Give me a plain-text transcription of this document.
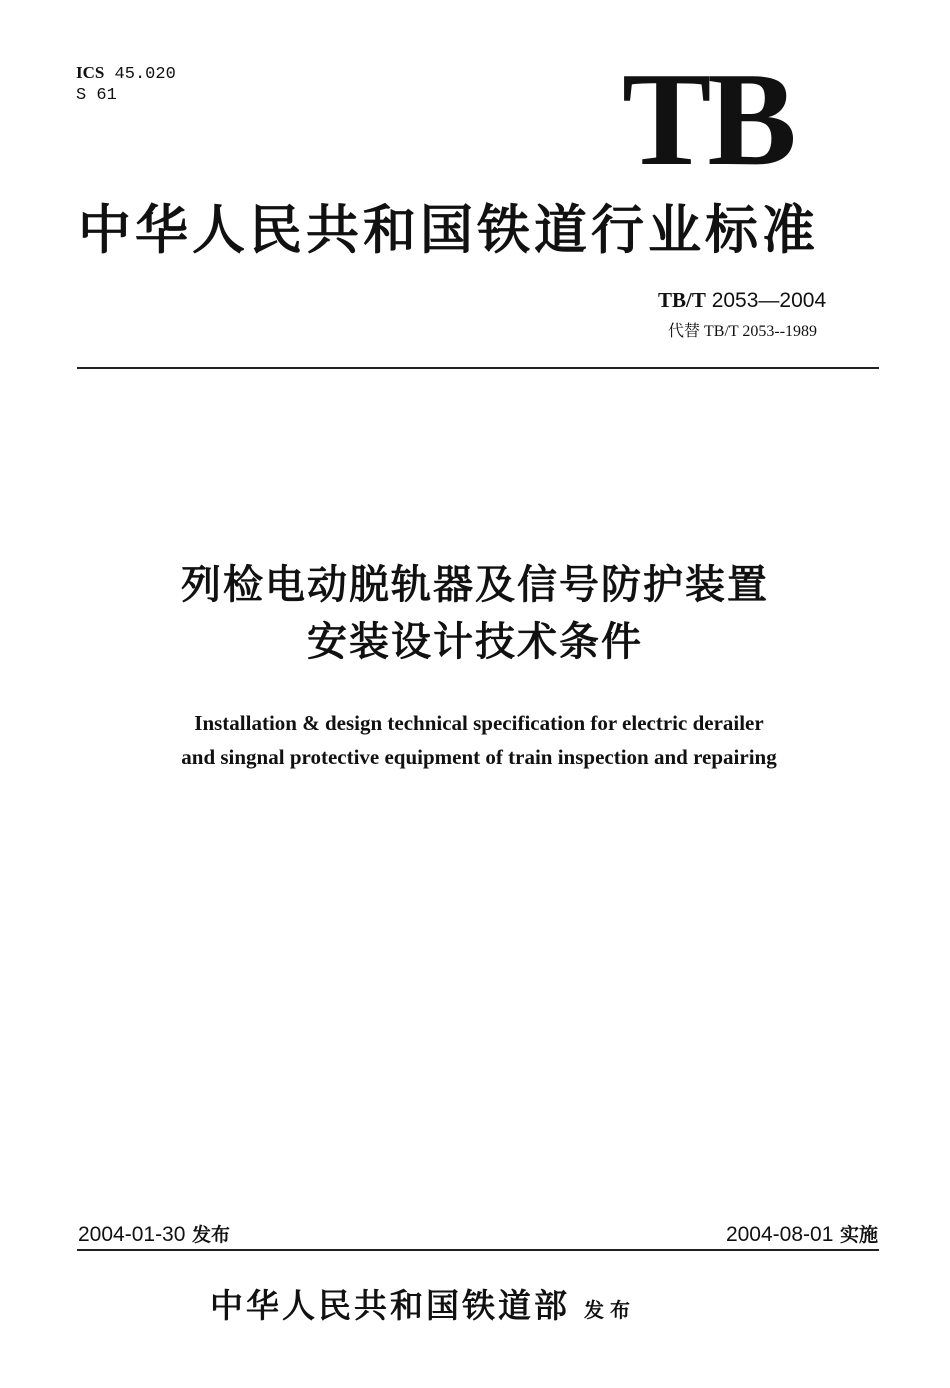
ICS 45.020
S 61	TB
中华人民共和国铁道行业标准
TB/T 2053—2004
代替 TB/T 2053--1989
列检电动脱轨器及信号防护装置
安装设计技术条件
Installation & design technical specification for electric derailer
and singnal protective equipment of train inspection and repairing
2004-01-30 发布	2004-08-01 实施
中华人民共和国铁道部 发布
